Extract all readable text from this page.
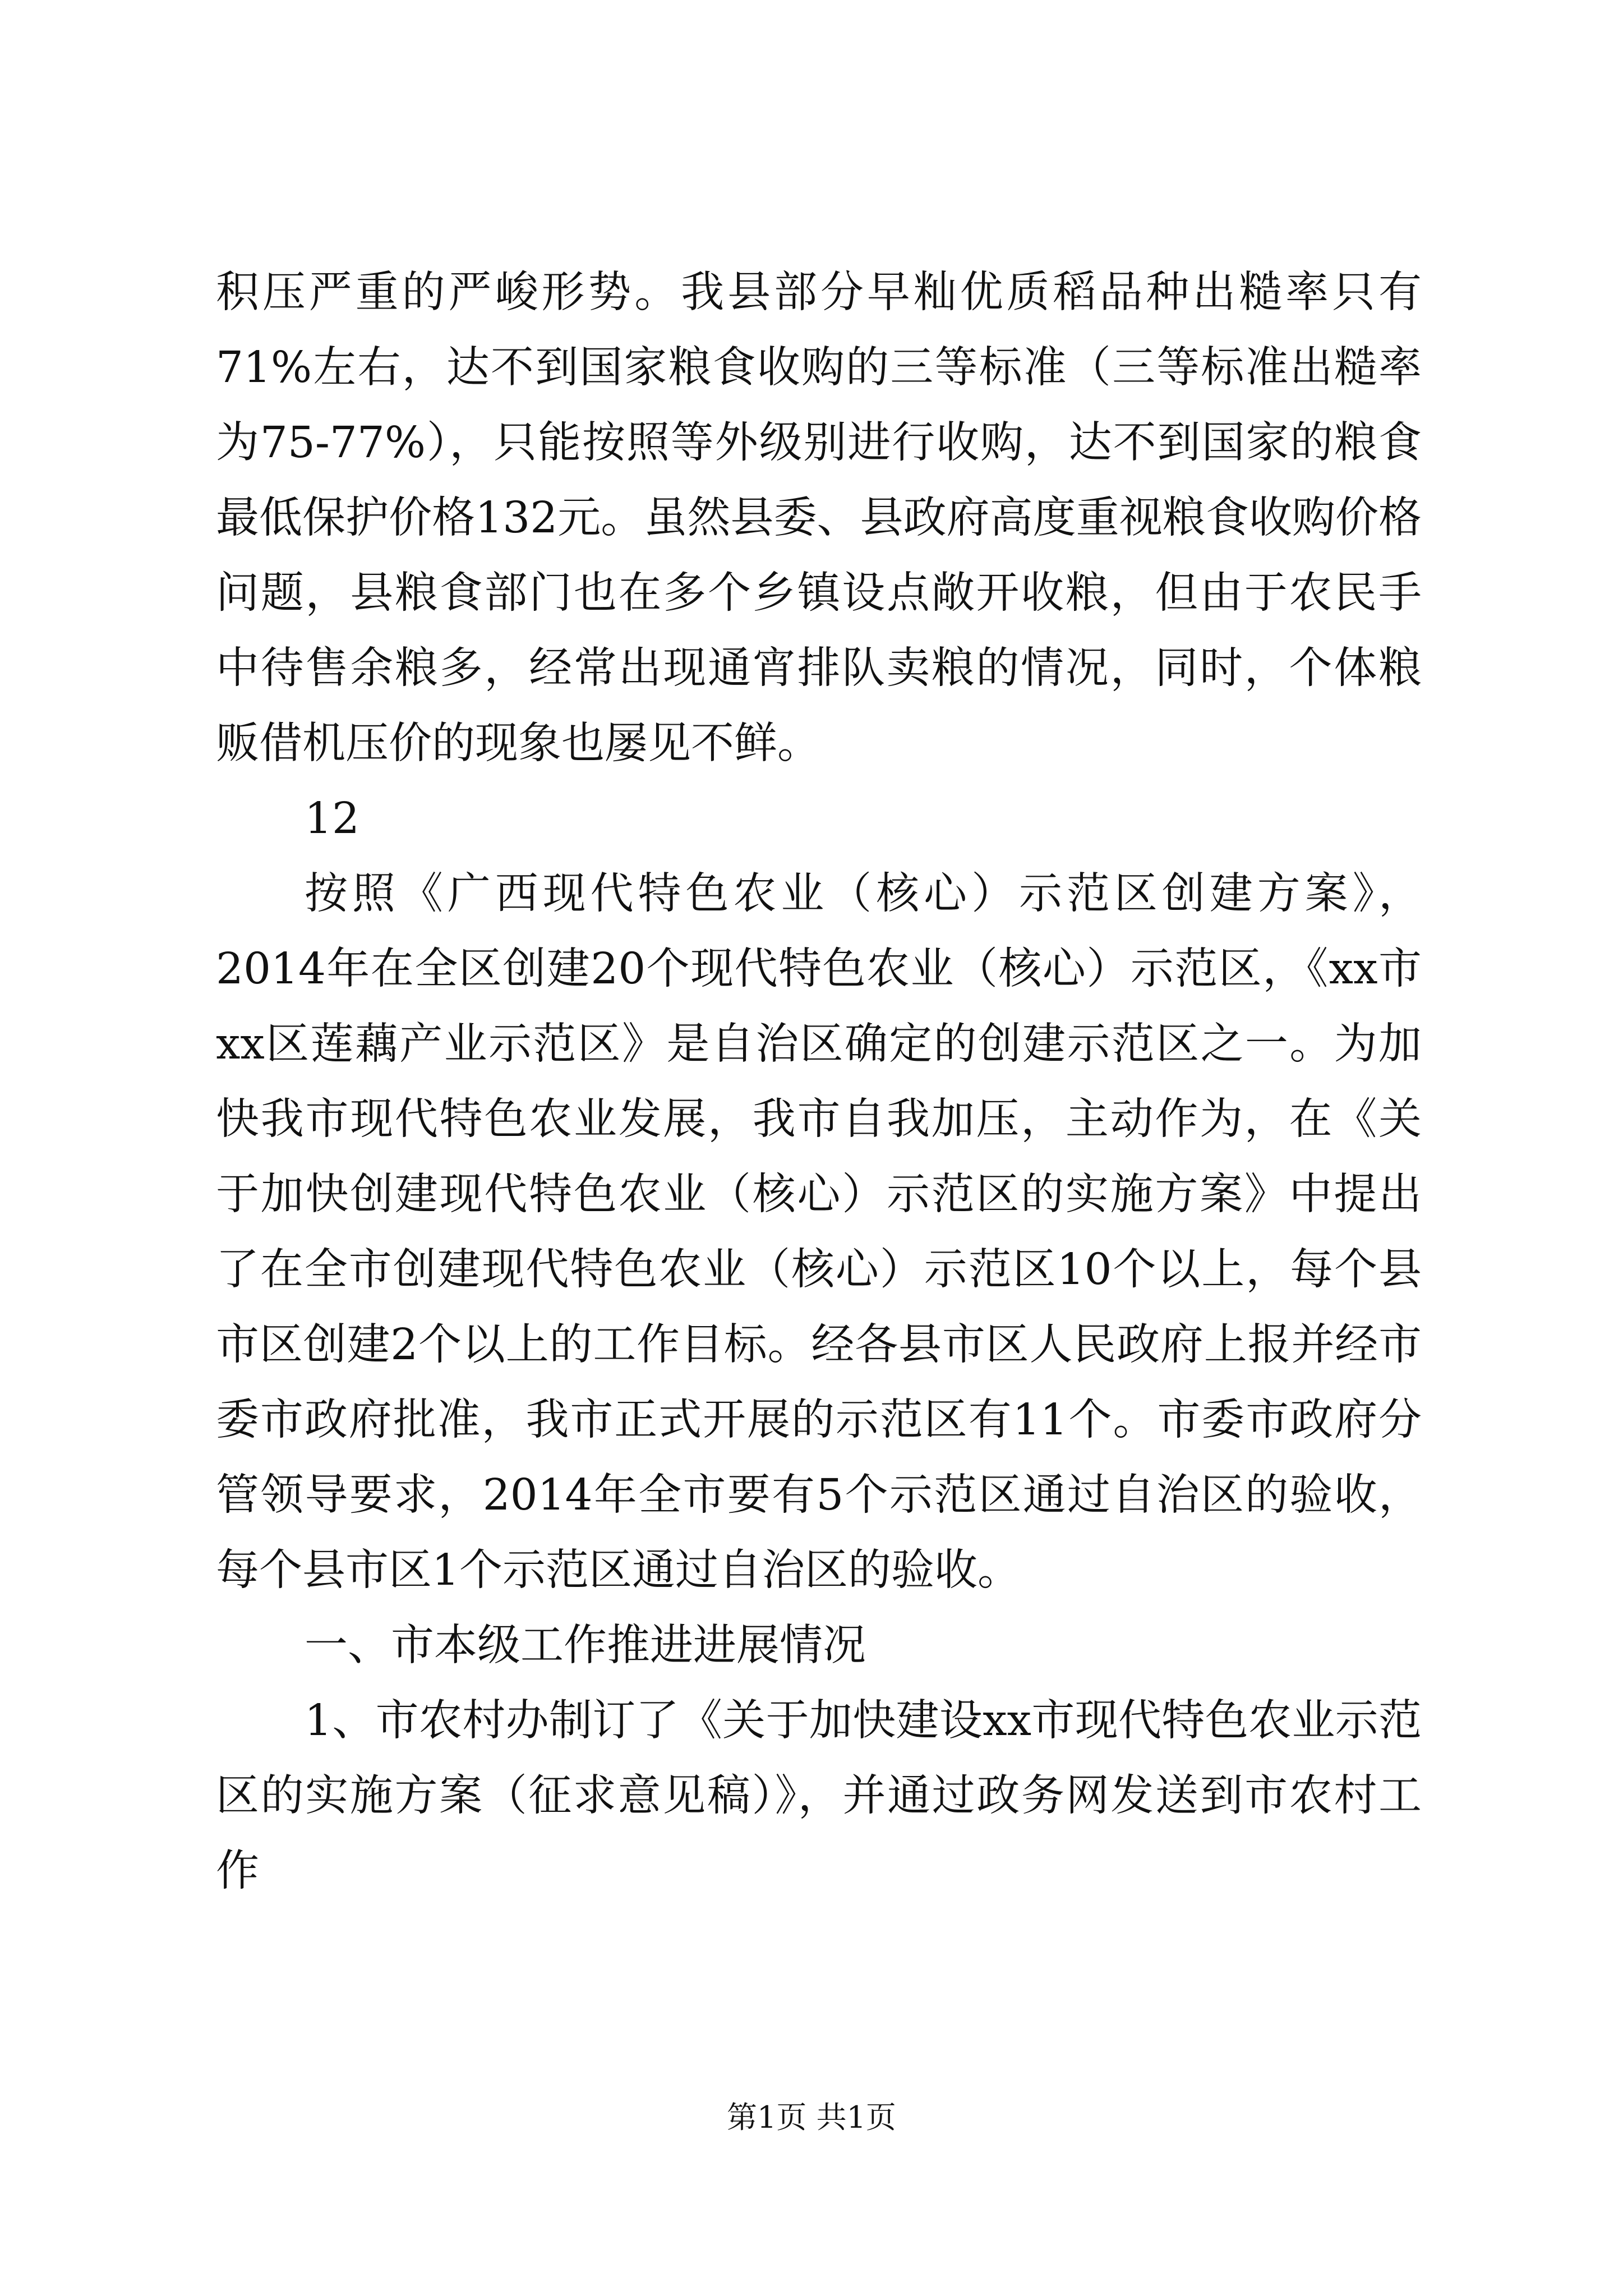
积压严重的严峻形势。我县部分早籼优质稻品种出糙率只有71%左右，达不到国家粮食收购的三等标准（三等标准出糙率为75-77%），只能按照等外级别进行收购，达不到国家的粮食最低保护价格132元。虽然县委、县政府高度重视粮食收购价格问题，县粮食部门也在多个乡镇设点敞开收粮，但由于农民手中待售余粮多，经常出现通宵排队卖粮的情况，同时，个体粮贩借机压价的现象也屡见不鲜。

12

按照《广西现代特色农业（核心）示范区创建方案》，2014年在全区创建20个现代特色农业（核心）示范区，《xx市xx区莲藕产业示范区》是自治区确定的创建示范区之一。为加快我市现代特色农业发展，我市自我加压，主动作为，在《关于加快创建现代特色农业（核心）示范区的实施方案》中提出了在全市创建现代特色农业（核心）示范区10个以上，每个县市区创建2个以上的工作目标。经各县市区人民政府上报并经市委市政府批准，我市正式开展的示范区有11个。市委市政府分管领导要求，2014年全市要有5个示范区通过自治区的验收，每个县市区1个示范区通过自治区的验收。

一、市本级工作推进进展情况

1、市农村办制订了《关于加快建设xx市现代特色农业示范区的实施方案（征求意见稿）》，并通过政务网发送到市农村工作

第1页 共1页
